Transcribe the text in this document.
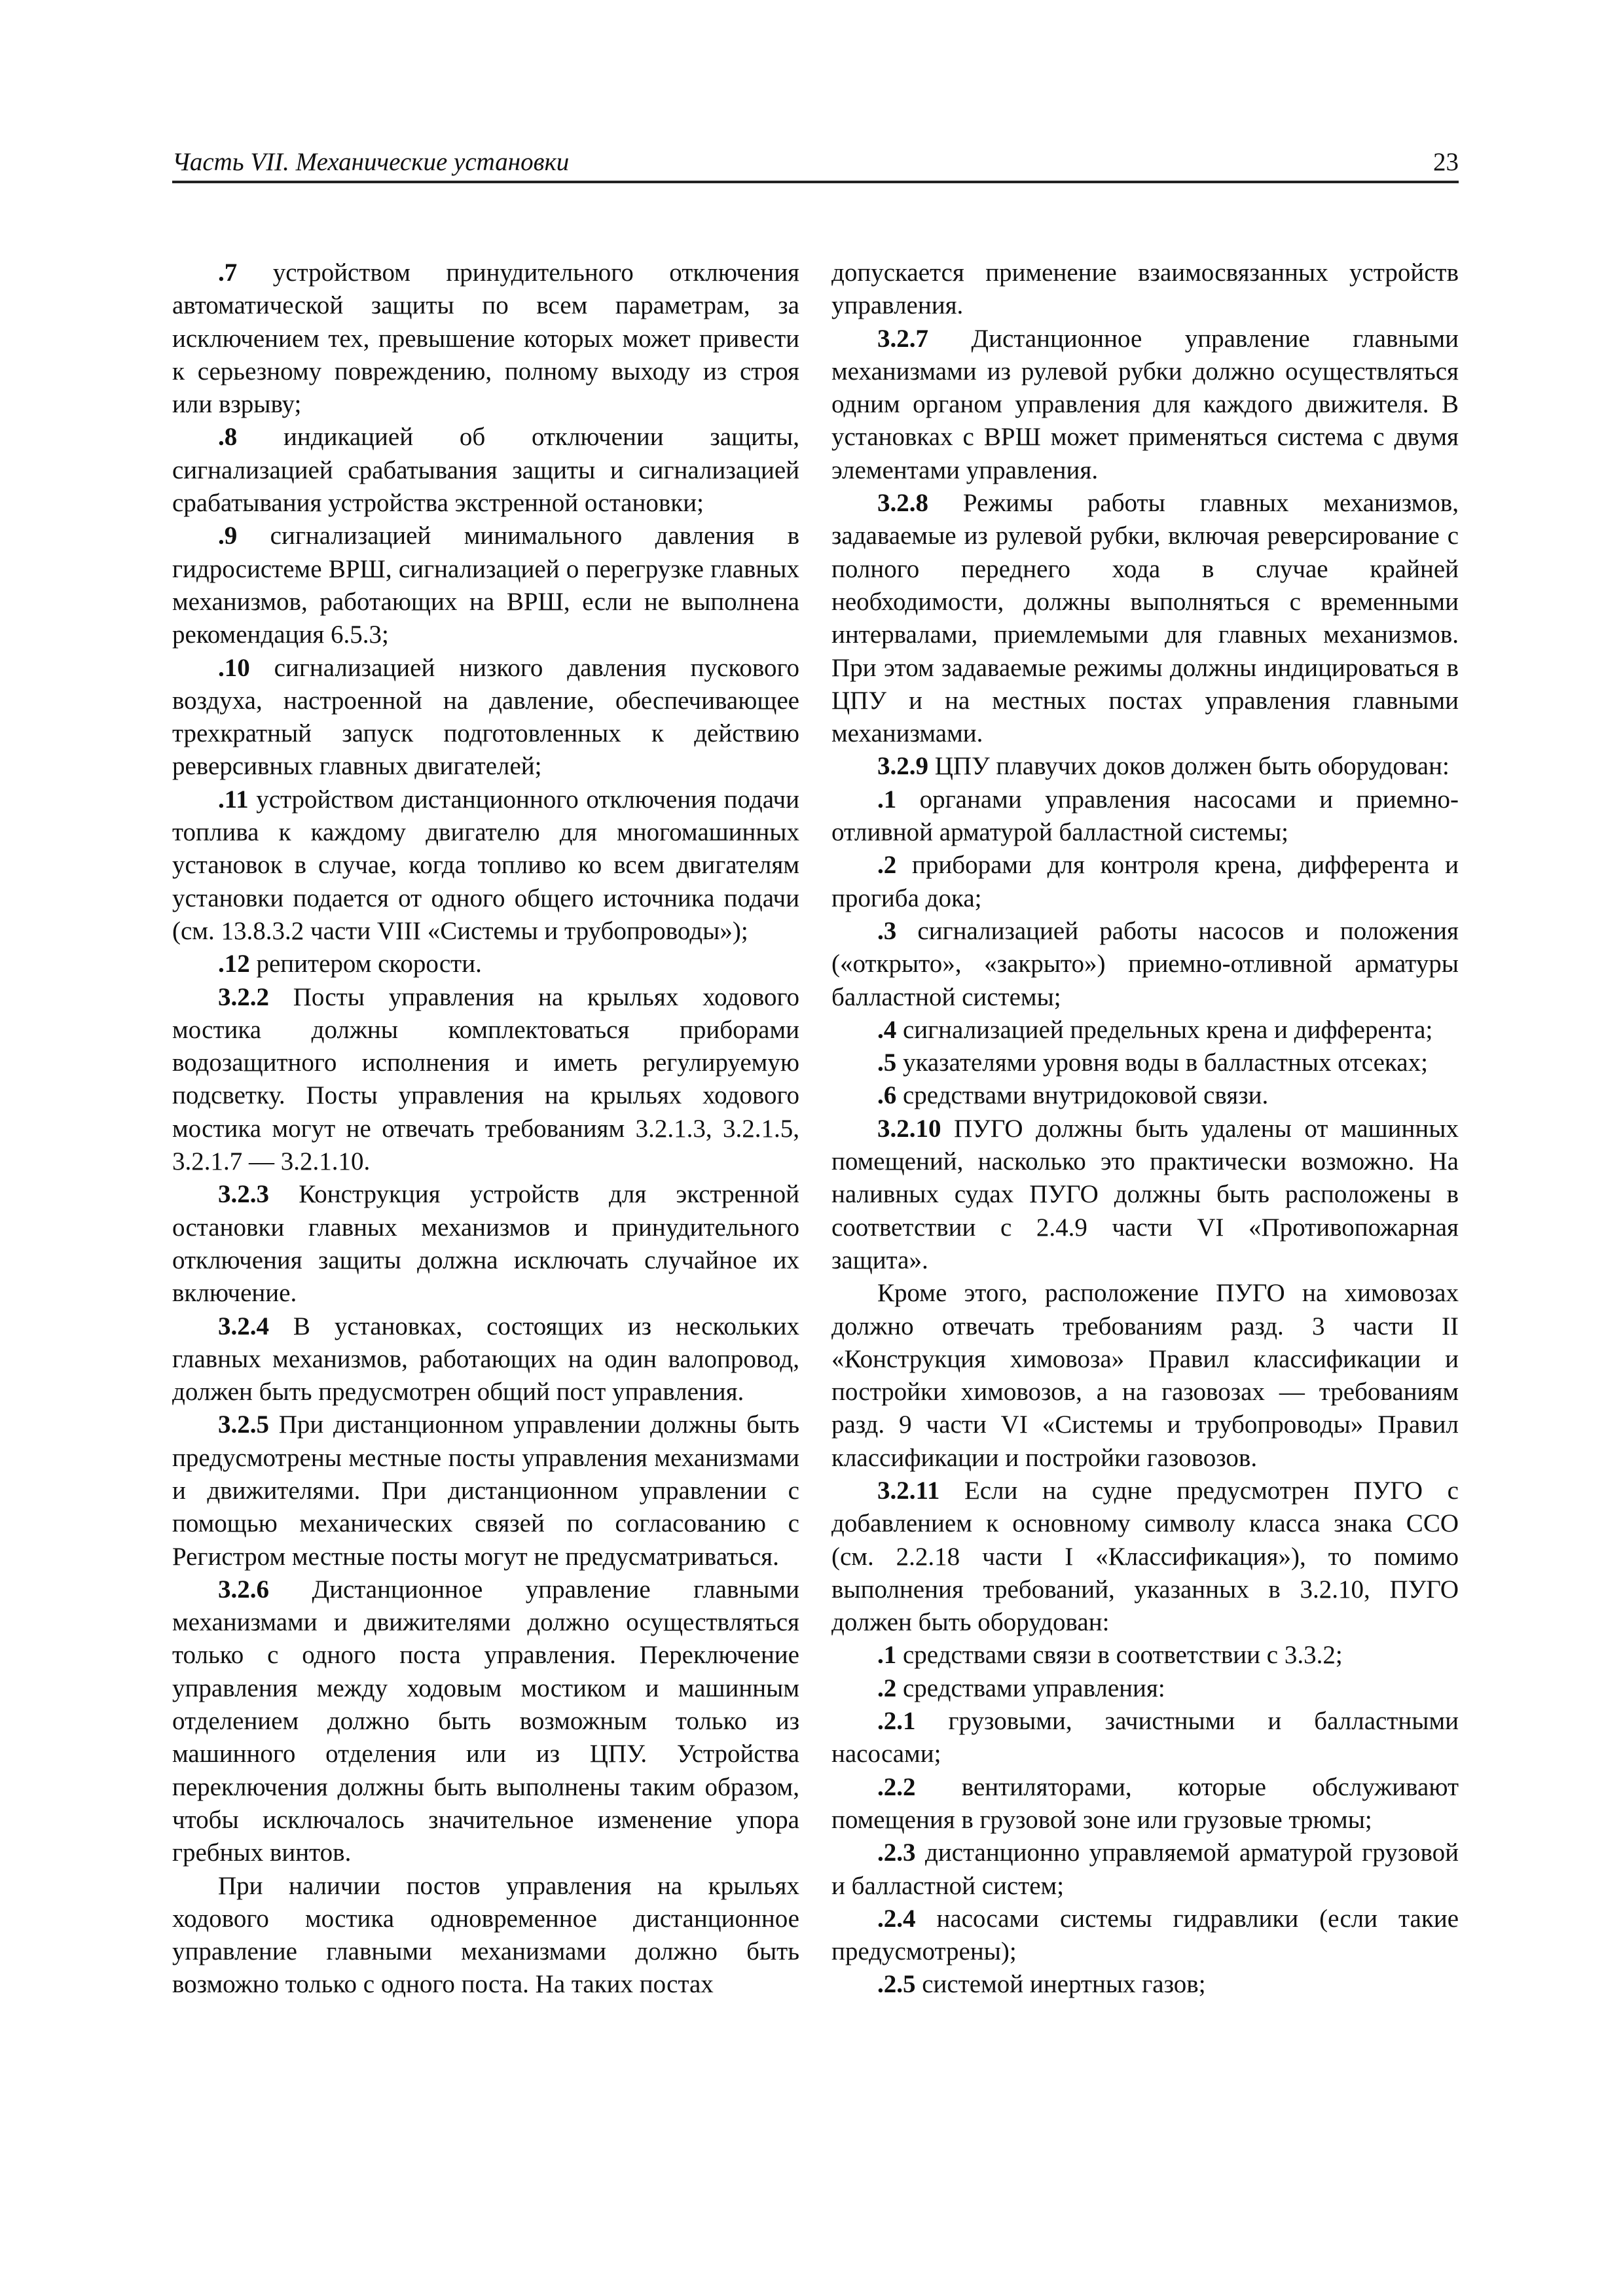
Часть VII. Механические установки	23

.7 устройством принудительного отключения автоматической защиты по всем параметрам, за исключением тех, превышение которых может привести к серьезному повреждению, полному выходу из строя или взрыву;

.8 индикацией об отключении защиты, сигнализацией срабатывания защиты и сигнализацией срабатывания устройства экстренной остановки;

.9 сигнализацией минимального давления в гидросистеме ВРШ, сигнализацией о перегрузке главных механизмов, работающих на ВРШ, если не выполнена рекомендация 6.5.3;

.10 сигнализацией низкого давления пускового воздуха, настроенной на давление, обеспечивающее трехкратный запуск подготовленных к действию реверсивных главных двигателей;

.11 устройством дистанционного отключения подачи топлива к каждому двигателю для многомашинных установок в случае, когда топливо ко всем двигателям установки подается от одного общего источника подачи (см. 13.8.3.2 части VIII «Системы и трубопроводы»);

.12 репитером скорости.

3.2.2 Посты управления на крыльях ходового мостика должны комплектоваться приборами водозащитного исполнения и иметь регулируемую подсветку. Посты управления на крыльях ходового мостика могут не отвечать требованиям 3.2.1.3, 3.2.1.5, 3.2.1.7 — 3.2.1.10.

3.2.3 Конструкция устройств для экстренной остановки главных механизмов и принудительного отключения защиты должна исключать случайное их включение.

3.2.4 В установках, состоящих из нескольких главных механизмов, работающих на один валопровод, должен быть предусмотрен общий пост управления.

3.2.5 При дистанционном управлении должны быть предусмотрены местные посты управления механизмами и движителями. При дистанционном управлении с помощью механических связей по согласованию с Регистром местные посты могут не предусматриваться.

3.2.6 Дистанционное управление главными механизмами и движителями должно осуществляться только с одного поста управления. Переключение управления между ходовым мостиком и машинным отделением должно быть возможным только из машинного отделения или из ЦПУ. Устройства переключения должны быть выполнены таким образом, чтобы исключалось значительное изменение упора гребных винтов.

При наличии постов управления на крыльях ходового мостика одновременное дистанционное управление главными механизмами должно быть возможно только с одного поста. На таких постах

допускается применение взаимосвязанных устройств управления.

3.2.7 Дистанционное управление главными механизмами из рулевой рубки должно осуществляться одним органом управления для каждого движителя. В установках с ВРШ может применяться система с двумя элементами управления.

3.2.8 Режимы работы главных механизмов, задаваемые из рулевой рубки, включая реверсирование с полного переднего хода в случае крайней необходимости, должны выполняться с временными интервалами, приемлемыми для главных механизмов. При этом задаваемые режимы должны индицироваться в ЦПУ и на местных постах управления главными механизмами.

3.2.9 ЦПУ плавучих доков должен быть оборудован:

.1 органами управления насосами и приемно-отливной арматурой балластной системы;

.2 приборами для контроля крена, дифферента и прогиба дока;

.3 сигнализацией работы насосов и положения («открыто», «закрыто») приемно-отливной арматуры балластной системы;

.4 сигнализацией предельных крена и дифферента;

.5 указателями уровня воды в балластных отсеках;

.6 средствами внутридоковой связи.

3.2.10 ПУГО должны быть удалены от машинных помещений, насколько это практически возможно. На наливных судах ПУГО должны быть расположены в соответствии с 2.4.9 части VI «Противопожарная защита».

Кроме этого, расположение ПУГО на химовозах должно отвечать требованиям разд. 3 части II «Конструкция химовоза» Правил классификации и постройки химовозов, а на газовозах — требованиям разд. 9 части VI «Системы и трубопроводы» Правил классификации и постройки газовозов.

3.2.11 Если на судне предусмотрен ПУГО с добавлением к основному символу класса знака CCO (см. 2.2.18 части I «Классификация»), то помимо выполнения требований, указанных в 3.2.10, ПУГО должен быть оборудован:

.1 средствами связи в соответствии с 3.3.2;

.2 средствами управления:

.2.1 грузовыми, зачистными и балластными насосами;

.2.2 вентиляторами, которые обслуживают помещения в грузовой зоне или грузовые трюмы;

.2.3 дистанционно управляемой арматурой грузовой и балластной систем;

.2.4 насосами системы гидравлики (если такие предусмотрены);

.2.5 системой инертных газов;
